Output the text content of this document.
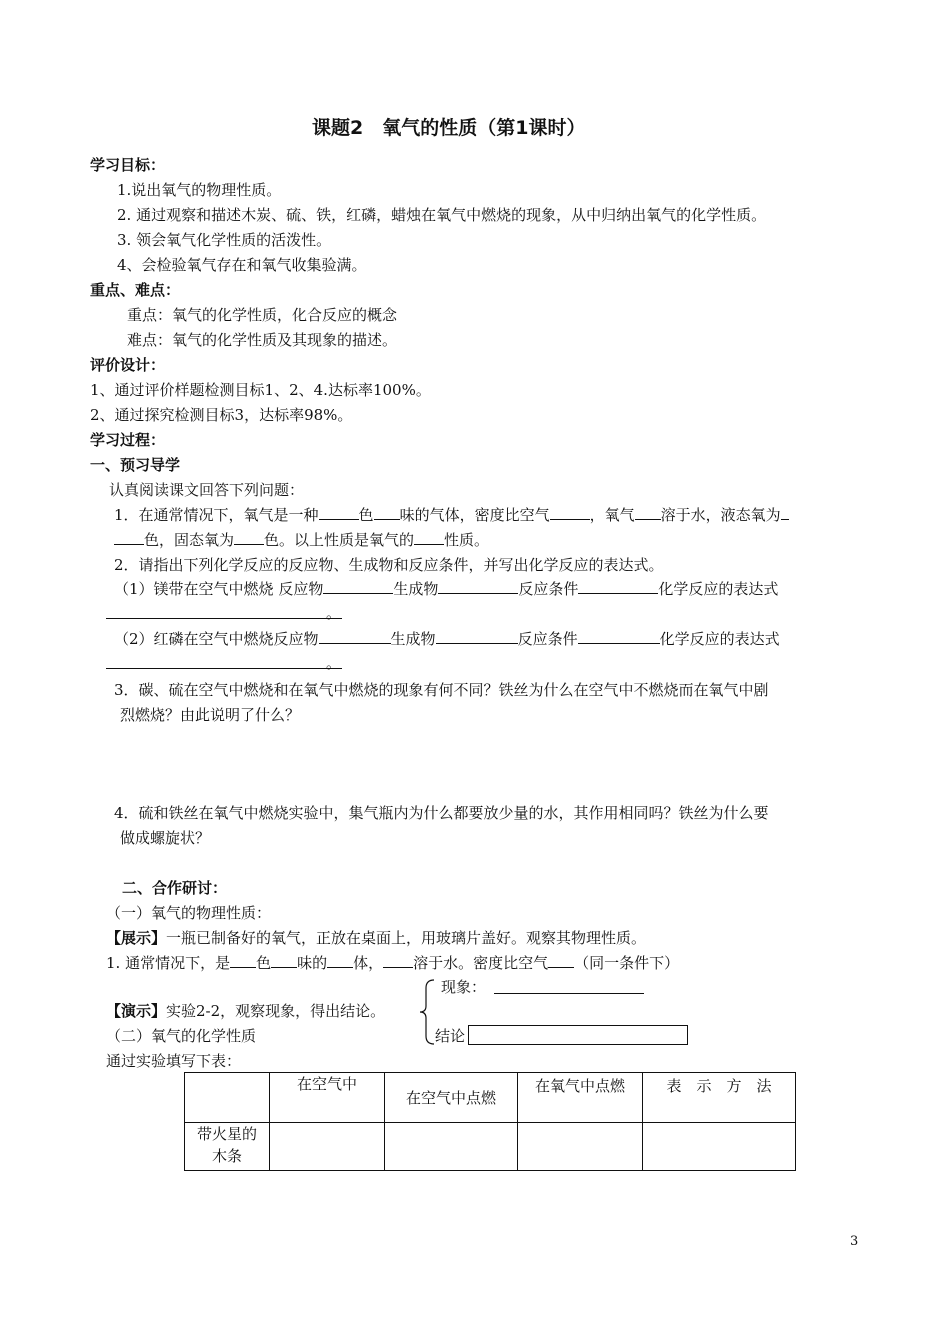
课题2　氧气的性质（第1课时）
学习目标：
1.说出氧气的物理性质。
2. 通过观察和描述木炭、硫、铁，红磷，蜡烛在氧气中燃烧的现象，从中归纳出氧气的化学性质。
3. 领会氧气化学性质的活泼性。
4、会检验氧气存在和氧气收集验满。
重点、难点：
重点：氧气的化学性质，化合反应的概念
难点：氧气的化学性质及其现象的描述。
评价设计：
1、通过评价样题检测目标1、2、4.达标率100%。
2、通过探究检测目标3，达标率98%。
学习过程：
一、预习导学
认真阅读课文回答下列问题：
1．在通常情况下，氧气是一种	色 味的气体，密度比空气	，氧气 溶于水，液态氧为
色，固态氧为 色。以上性质是氧气的 性质。
2．请指出下列化学反应的反应物、生成物和反应条件，并写出化学反应的表达式。
（1）镁带在空气中燃烧 反应物	生成物	反应条件	化学反应的表达式
。
（2）红磷在空气中燃烧反应物	生成物	反应条件	化学反应的表达式
。
3．碳、硫在空气中燃烧和在氧气中燃烧的现象有何不同？铁丝为什么在空气中不燃烧而在氧气中剧
烈燃烧？由此说明了什么？
4．硫和铁丝在氧气中燃烧实验中，集气瓶内为什么都要放少量的水，其作用相同吗？铁丝为什么要
做成螺旋状？
二、合作研讨：
（一）氧气的物理性质：
【展示】一瓶已制备好的氧气，正放在桌面上，用玻璃片盖好。观察其物理性质。
1. 通常情况下，是 色 味的 体， 溶于水。密度比空气 （同一条件下）
【演示】实验2-2，观察现象，得出结论。
现象：
结论
（二）氧气的化学性质
通过实验填写下表：
	在空气中	在空气中点燃	在氧气中点燃	表　示　方　法
带火星的木条				
3
